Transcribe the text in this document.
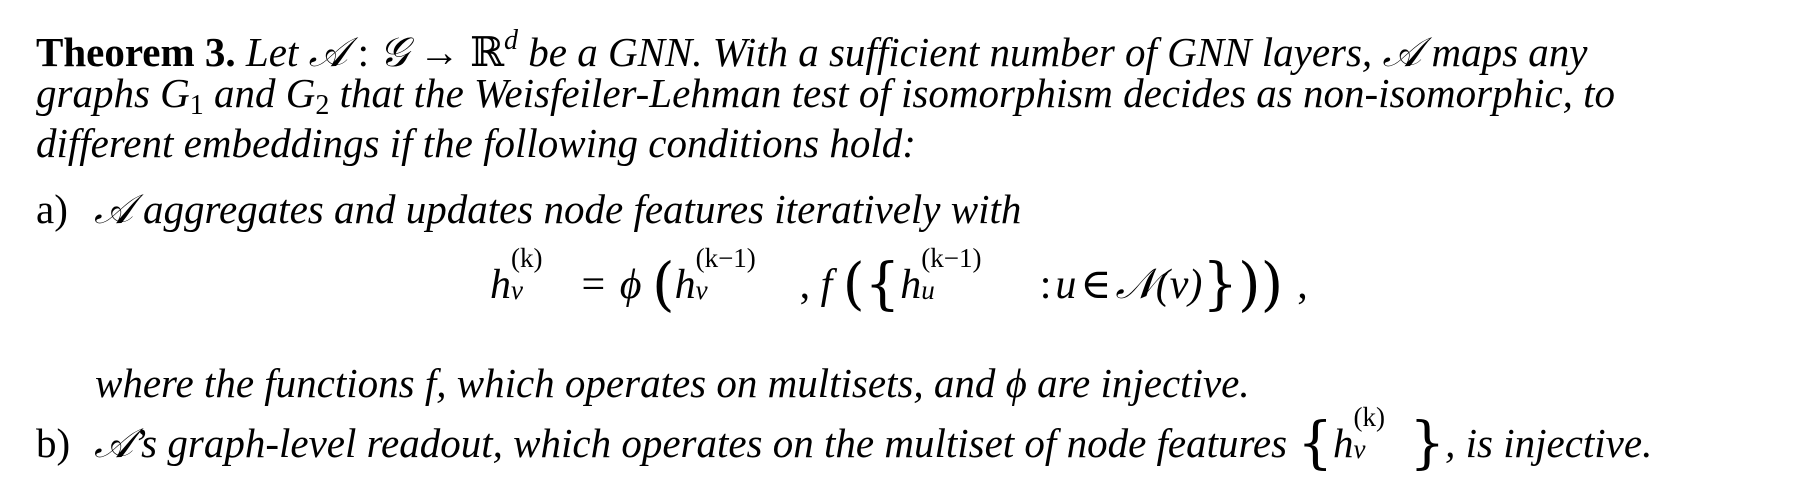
Theorem 3. Let 𝒜 : 𝒢 → ℝ$^d$ be a GNN. With a sufficient number of GNN layers, 𝒜 maps any
graphs $G_1$ and $G_2$ that the Weisfeiler-Lehman test of isomorphism decides as non-isomorphic, to
different embeddings if the following conditions hold:
a) 𝒜 aggregates and updates node features iteratively with
h
(k)
v = ϕ (h
(k−1)
v , f ({h
(k−1)
u	:u∈𝒩(v)})) ,
where the functions f, which operates on multisets, and ϕ are injective.
b) 𝒜’s graph-level readout, which operates on the multiset of node features {h
(k)
v }, is injective.
